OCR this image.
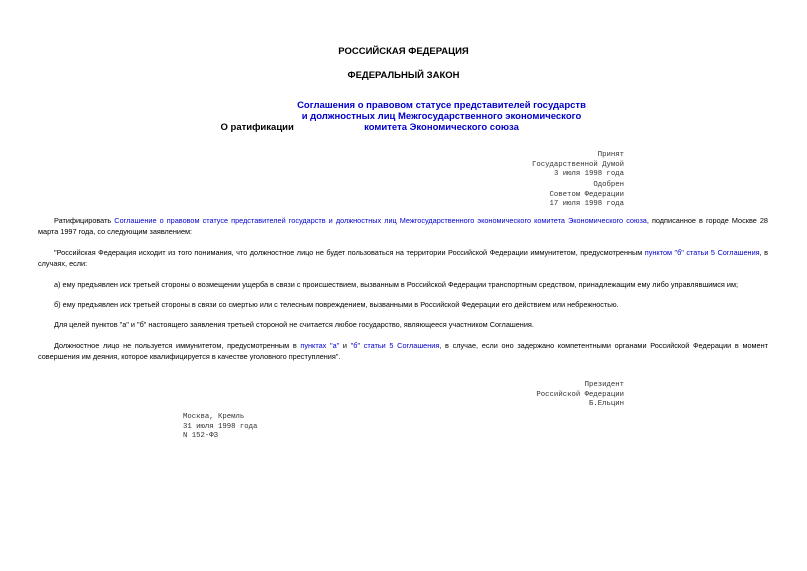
РОССИЙСКАЯ ФЕДЕРАЦИЯ
ФЕДЕРАЛЬНЫЙ ЗАКОН
О ратификации Соглашения о правовом статусе представителей государств и должностных лиц Межгосударственного экономического комитета Экономического союза
Принят
Государственной Думой
3 июля 1998 года
Одобрен
Советом Федерации
17 июля 1998 года
Ратифицировать Соглашение о правовом статусе представителей государств и должностных лиц Межгосударственного экономического комитета Экономического союза, подписанное в городе Москве 28 марта 1997 года, со следующим заявлением:
"Российская Федерация исходит из того понимания, что должностное лицо не будет пользоваться на территории Российской Федерации иммунитетом, предусмотренным пунктом "б" статьи 5 Соглашения, в случаях, если:
а) ему предъявлен иск третьей стороны о возмещении ущерба в связи с происшествием, вызванным в Российской Федерации транспортным средством, принадлежащим ему либо управлявшимся им;
б) ему предъявлен иск третьей стороны в связи со смертью или с телесным повреждением, вызванными в Российской Федерации его действием или небрежностью.
Для целей пунктов "а" и "б" настоящего заявления третьей стороной не считается любое государство, являющееся участником Соглашения.
Должностное лицо не пользуется иммунитетом, предусмотренным в пунктах "а" и "б" статьи 5 Соглашения, в случае, если оно задержано компетентными органами Российской Федерации в момент совершения им деяния, которое квалифицируется в качестве уголовного преступления".
Президент
Российской Федерации
Б.Ельцин
Москва, Кремль
31 июля 1998 года
N 152-ФЗ
